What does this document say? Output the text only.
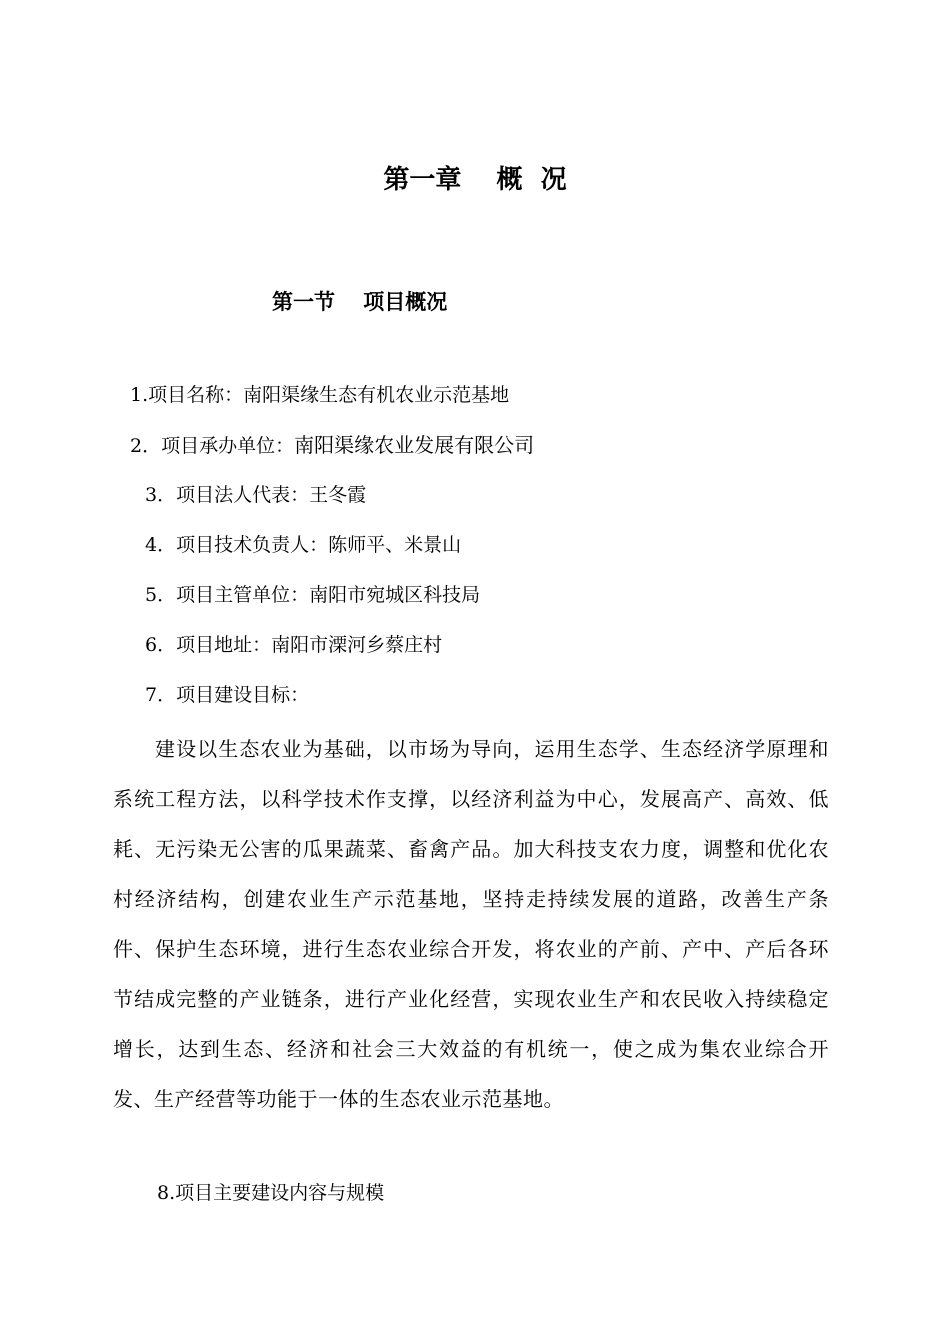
第一章　 概  况
第一节　 项目概况
1.项目名称：南阳渠缘生态有机农业示范基地
2．项目承办单位：南阳渠缘农业发展有限公司
3．项目法人代表：王冬霞
4．项目技术负责人：陈师平、米景山
5．项目主管单位：南阳市宛城区科技局
6．项目地址：南阳市溧河乡蔡庄村
7．项目建设目标：
建设以生态农业为基础，以市场为导向，运用生态学、生态经济学原理和系统工程方法，以科学技术作支撑，以经济利益为中心，发展高产、高效、低耗、无污染无公害的瓜果蔬菜、畜禽产品。加大科技支农力度，调整和优化农村经济结构，创建农业生产示范基地，坚持走持续发展的道路，改善生产条件、保护生态环境，进行生态农业综合开发，将农业的产前、产中、产后各环节结成完整的产业链条，进行产业化经营，实现农业生产和农民收入持续稳定增长，达到生态、经济和社会三大效益的有机统一，使之成为集农业综合开发、生产经营等功能于一体的生态农业示范基地。
8.项目主要建设内容与规模
